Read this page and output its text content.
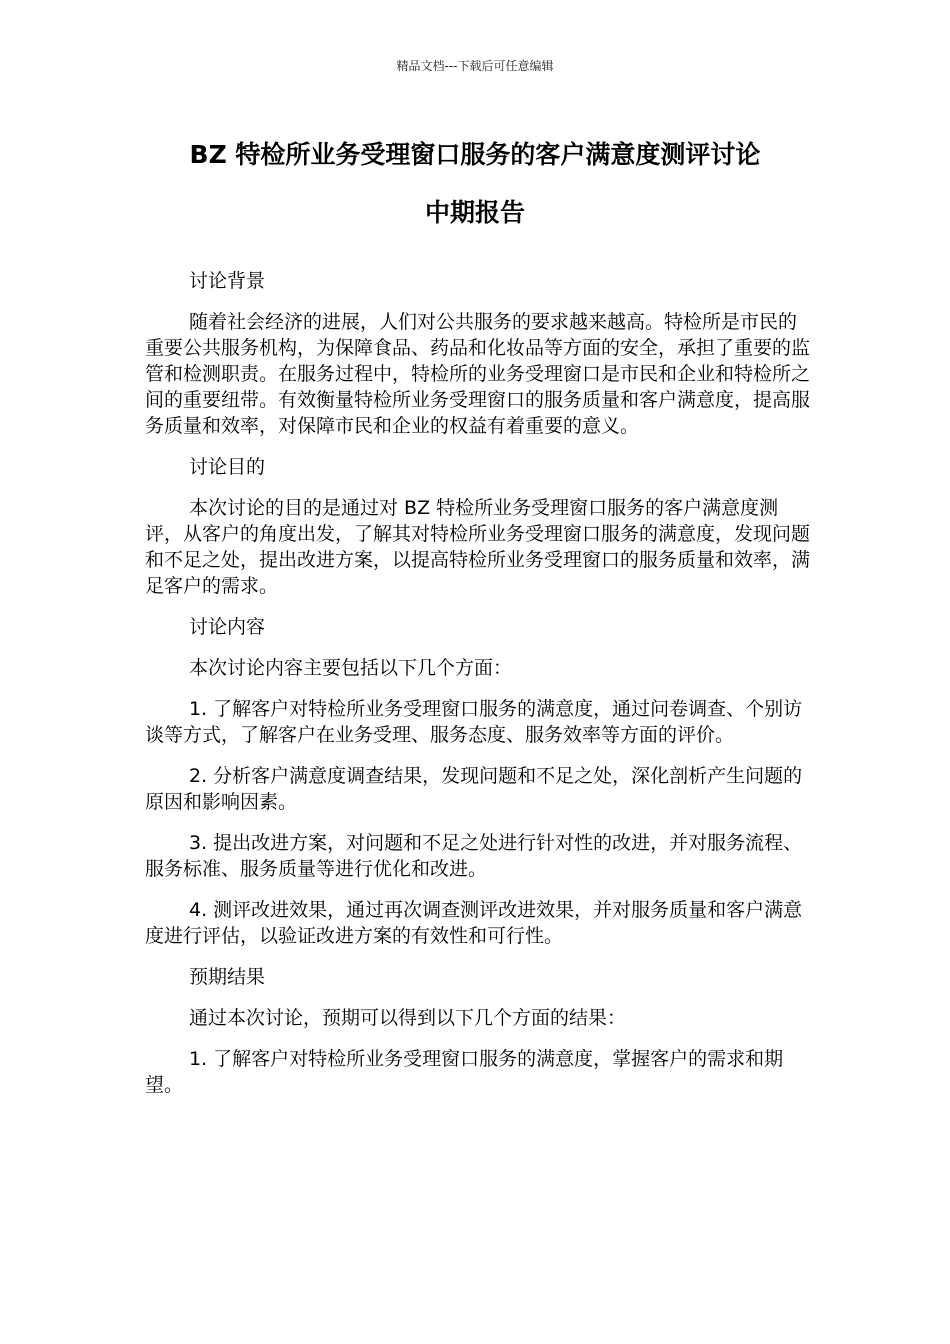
精品文档---下载后可任意编辑
BZ 特检所业务受理窗口服务的客户满意度测评讨论
中期报告

讨论背景

随着社会经济的进展，人们对公共服务的要求越来越高。特检所是市民的重要公共服务机构，为保障食品、药品和化妆品等方面的安全，承担了重要的监管和检测职责。在服务过程中，特检所的业务受理窗口是市民和企业和特检所之间的重要纽带。有效衡量特检所业务受理窗口的服务质量和客户满意度，提高服务质量和效率，对保障市民和企业的权益有着重要的意义。

讨论目的

本次讨论的目的是通过对 BZ 特检所业务受理窗口服务的客户满意度测评，从客户的角度出发，了解其对特检所业务受理窗口服务的满意度，发现问题和不足之处，提出改进方案，以提高特检所业务受理窗口的服务质量和效率，满足客户的需求。

讨论内容

本次讨论内容主要包括以下几个方面：

1. 了解客户对特检所业务受理窗口服务的满意度，通过问卷调查、个别访谈等方式，了解客户在业务受理、服务态度、服务效率等方面的评价。

2. 分析客户满意度调查结果，发现问题和不足之处，深化剖析产生问题的原因和影响因素。

3. 提出改进方案，对问题和不足之处进行针对性的改进，并对服务流程、服务标准、服务质量等进行优化和改进。

4. 测评改进效果，通过再次调查测评改进效果，并对服务质量和客户满意度进行评估，以验证改进方案的有效性和可行性。

预期结果

通过本次讨论，预期可以得到以下几个方面的结果：

1. 了解客户对特检所业务受理窗口服务的满意度，掌握客户的需求和期望。
